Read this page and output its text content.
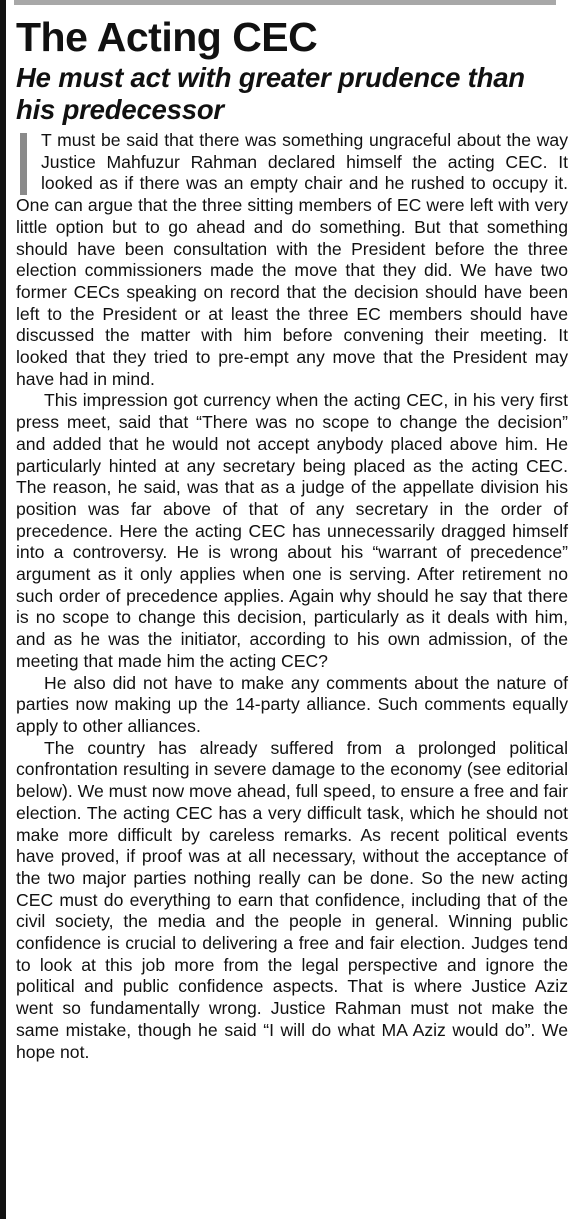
The Acting CEC
He must act with greater prudence than his predecessor

T must be said that there was something ungraceful about the way Justice Mahfuzur Rahman declared himself the acting CEC. It looked as if there was an empty chair and he rushed to occupy it. One can argue that the three sitting members of EC were left with very little option but to go ahead and do something. But that something should have been consultation with the President before the three election commissioners made the move that they did. We have two former CECs speaking on record that the decision should have been left to the President or at least the three EC members should have discussed the matter with him before convening their meeting. It looked that they tried to pre-empt any move that the President may have had in mind.

This impression got currency when the acting CEC, in his very first press meet, said that “There was no scope to change the decision” and added that he would not accept anybody placed above him. He particularly hinted at any secretary being placed as the acting CEC. The reason, he said, was that as a judge of the appellate division his position was far above of that of any secretary in the order of precedence. Here the acting CEC has unnecessarily dragged himself into a controversy. He is wrong about his “warrant of precedence” argument as it only applies when one is serving. After retirement no such order of precedence applies. Again why should he say that there is no scope to change this decision, particularly as it deals with him, and as he was the initiator, according to his own admission, of the meeting that made him the acting CEC?

He also did not have to make any comments about the nature of parties now making up the 14-party alliance. Such comments equally apply to other alliances.

The country has already suffered from a prolonged political confrontation resulting in severe damage to the economy (see editorial below). We must now move ahead, full speed, to ensure a free and fair election. The acting CEC has a very difficult task, which he should not make more difficult by careless remarks. As recent political events have proved, if proof was at all necessary, without the acceptance of the two major parties nothing really can be done. So the new acting CEC must do everything to earn that confidence, including that of the civil society, the media and the people in general. Winning public confidence is crucial to delivering a free and fair election. Judges tend to look at this job more from the legal perspective and ignore the political and public confidence aspects. That is where Justice Aziz went so fundamentally wrong. Justice Rahman must not make the same mistake, though he said “I will do what MA Aziz would do”. We hope not.
